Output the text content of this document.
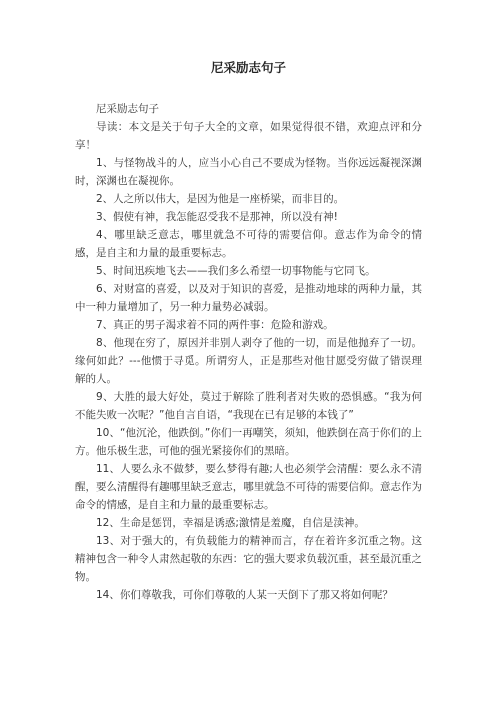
尼采励志句子

尼采励志句子

导读：本文是关于句子大全的文章，如果觉得很不错，欢迎点评和分享！

1、与怪物战斗的人，应当小心自己不要成为怪物。当你远远凝视深渊时，深渊也在凝视你。

2、人之所以伟大，是因为他是一座桥梁，而非目的。

3、假使有神，我怎能忍受我不是那神，所以没有神!

4、哪里缺乏意志，哪里就急不可待的需要信仰。意志作为命令的情感，是自主和力量的最重要标志。

5、时间迅疾地飞去——我们多么希望一切事物能与它同飞。

6、对财富的喜爱，以及对于知识的喜爱，是推动地球的两种力量，其中一种力量增加了，另一种力量势必减弱。

7、真正的男子渴求着不同的两件事：危险和游戏。

8、他现在穷了，原因并非别人剥夺了他的一切，而是他抛弃了一切。缘何如此？---他惯于寻觅。所谓穷人，正是那些对他甘愿受穷做了错误理解的人。

9、大胜的最大好处，莫过于解除了胜利者对失败的恐惧感。“我为何不能失败一次呢？”他自言自语，“我现在已有足够的本钱了”

10、“他沉沦，他跌倒。”你们一再嘲笑，须知，他跌倒在高于你们的上方。他乐极生悲，可他的强光紧接你们的黑暗。

11、人要么永不做梦，要么梦得有趣;人也必须学会清醒：要么永不清醒，要么清醒得有趣哪里缺乏意志，哪里就急不可待的需要信仰。意志作为命令的情感，是自主和力量的最重要标志。

12、生命是惩罚，幸福是诱惑;激情是羞魔，自信是渎神。

13、对于强大的，有负载能力的精神而言，存在着许多沉重之物。这精神包含一种令人肃然起敬的东西：它的强大要求负载沉重，甚至最沉重之物。

14、你们尊敬我，可你们尊敬的人某一天倒下了那又将如何呢？
